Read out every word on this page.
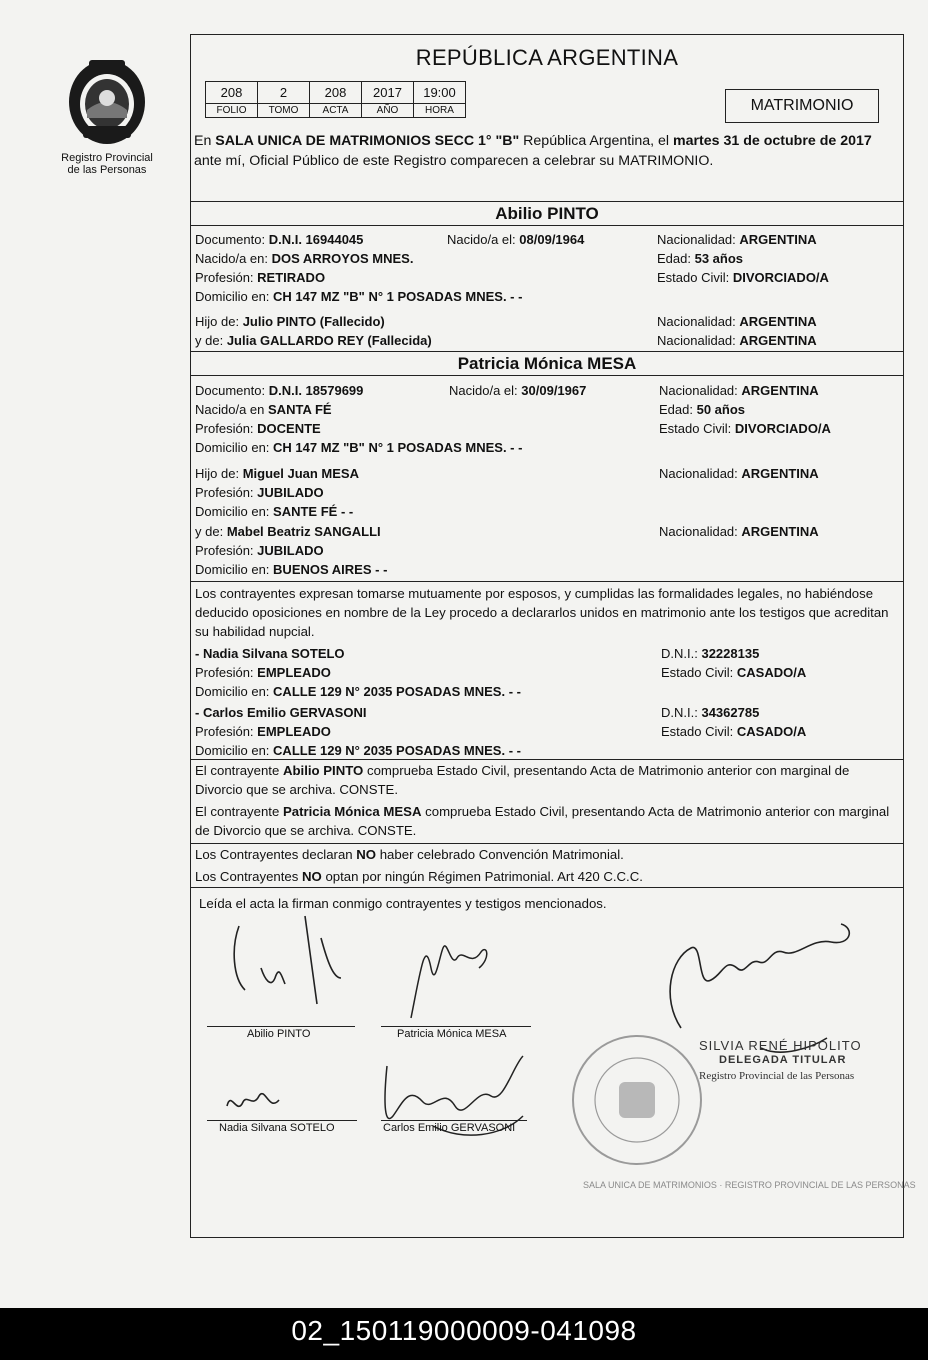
Registro Provincial
de las Personas
REPÚBLICA ARGENTINA
208	2	208	2017	19:00
FOLIO	TOMO	ACTA	AÑO	HORA	MATRIMONIO
En SALA UNICA DE MATRIMONIOS SECC 1° "B" República Argentina, el martes 31 de octubre de 2017 ante mí, Oficial Público de este Registro comparecen a celebrar su MATRIMONIO.
Abilio PINTO
Documento: D.N.I. 16944045	Nacido/a el: 08/09/1964	Nacionalidad: ARGENTINA
Nacido/a en: DOS ARROYOS MNES.	Edad: 53 años
Profesión: RETIRADO	Estado Civil: DIVORCIADO/A
Domicilio en: CH 147 MZ "B" N° 1 POSADAS MNES. - -
Hijo de: Julio PINTO (Fallecido)	Nacionalidad: ARGENTINA
y de: Julia GALLARDO REY (Fallecida)	Nacionalidad: ARGENTINA
Patricia Mónica MESA
Documento: D.N.I. 18579699	Nacido/a el: 30/09/1967	Nacionalidad: ARGENTINA
Nacido/a en SANTA FÉ	Edad: 50 años
Profesión: DOCENTE	Estado Civil: DIVORCIADO/A
Domicilio en: CH 147 MZ "B" N° 1 POSADAS MNES. - -
Hijo de: Miguel Juan MESA	Nacionalidad: ARGENTINA
Profesión: JUBILADO
Domicilio en: SANTE FÉ - -
y de: Mabel Beatriz SANGALLI	Nacionalidad: ARGENTINA
Profesión: JUBILADO
Domicilio en: BUENOS AIRES - -
Los contrayentes expresan tomarse mutuamente por esposos, y cumplidas las formalidades legales, no habiéndose deducido oposiciones en nombre de la Ley procedo a declararlos unidos en matrimonio ante los testigos que acreditan su habilidad nupcial.
- Nadia Silvana SOTELO	D.N.I.: 32228135
Profesión: EMPLEADO	Estado Civil: CASADO/A
Domicilio en: CALLE 129 N° 2035 POSADAS MNES. - -
- Carlos Emilio GERVASONI	D.N.I.: 34362785
Profesión: EMPLEADO	Estado Civil: CASADO/A
Domicilio en: CALLE 129 N° 2035 POSADAS MNES. - -
El contrayente Abilio PINTO comprueba Estado Civil, presentando Acta de Matrimonio anterior con marginal de Divorcio que se archiva. CONSTE.
El contrayente Patricia Mónica MESA comprueba Estado Civil, presentando Acta de Matrimonio anterior con marginal de Divorcio que se archiva. CONSTE.
Los Contrayentes declaran NO haber celebrado Convención Matrimonial.
Los Contrayentes NO optan por ningún Régimen Patrimonial. Art 420 C.C.C.
Leída el acta la firman conmigo contrayentes y testigos mencionados.
Abilio PINTO	Patricia Mónica MESA
Nadia Silvana SOTELO	Carlos Emilio GERVASONI
SALA UNICA DE MATRIMONIOS · REGISTRO PROVINCIAL DE LAS PERSONAS
SILVIA RENÉ HIPOLITO
DELEGADA TITULAR
Registro Provincial de las Personas
02_150119000009-041098
